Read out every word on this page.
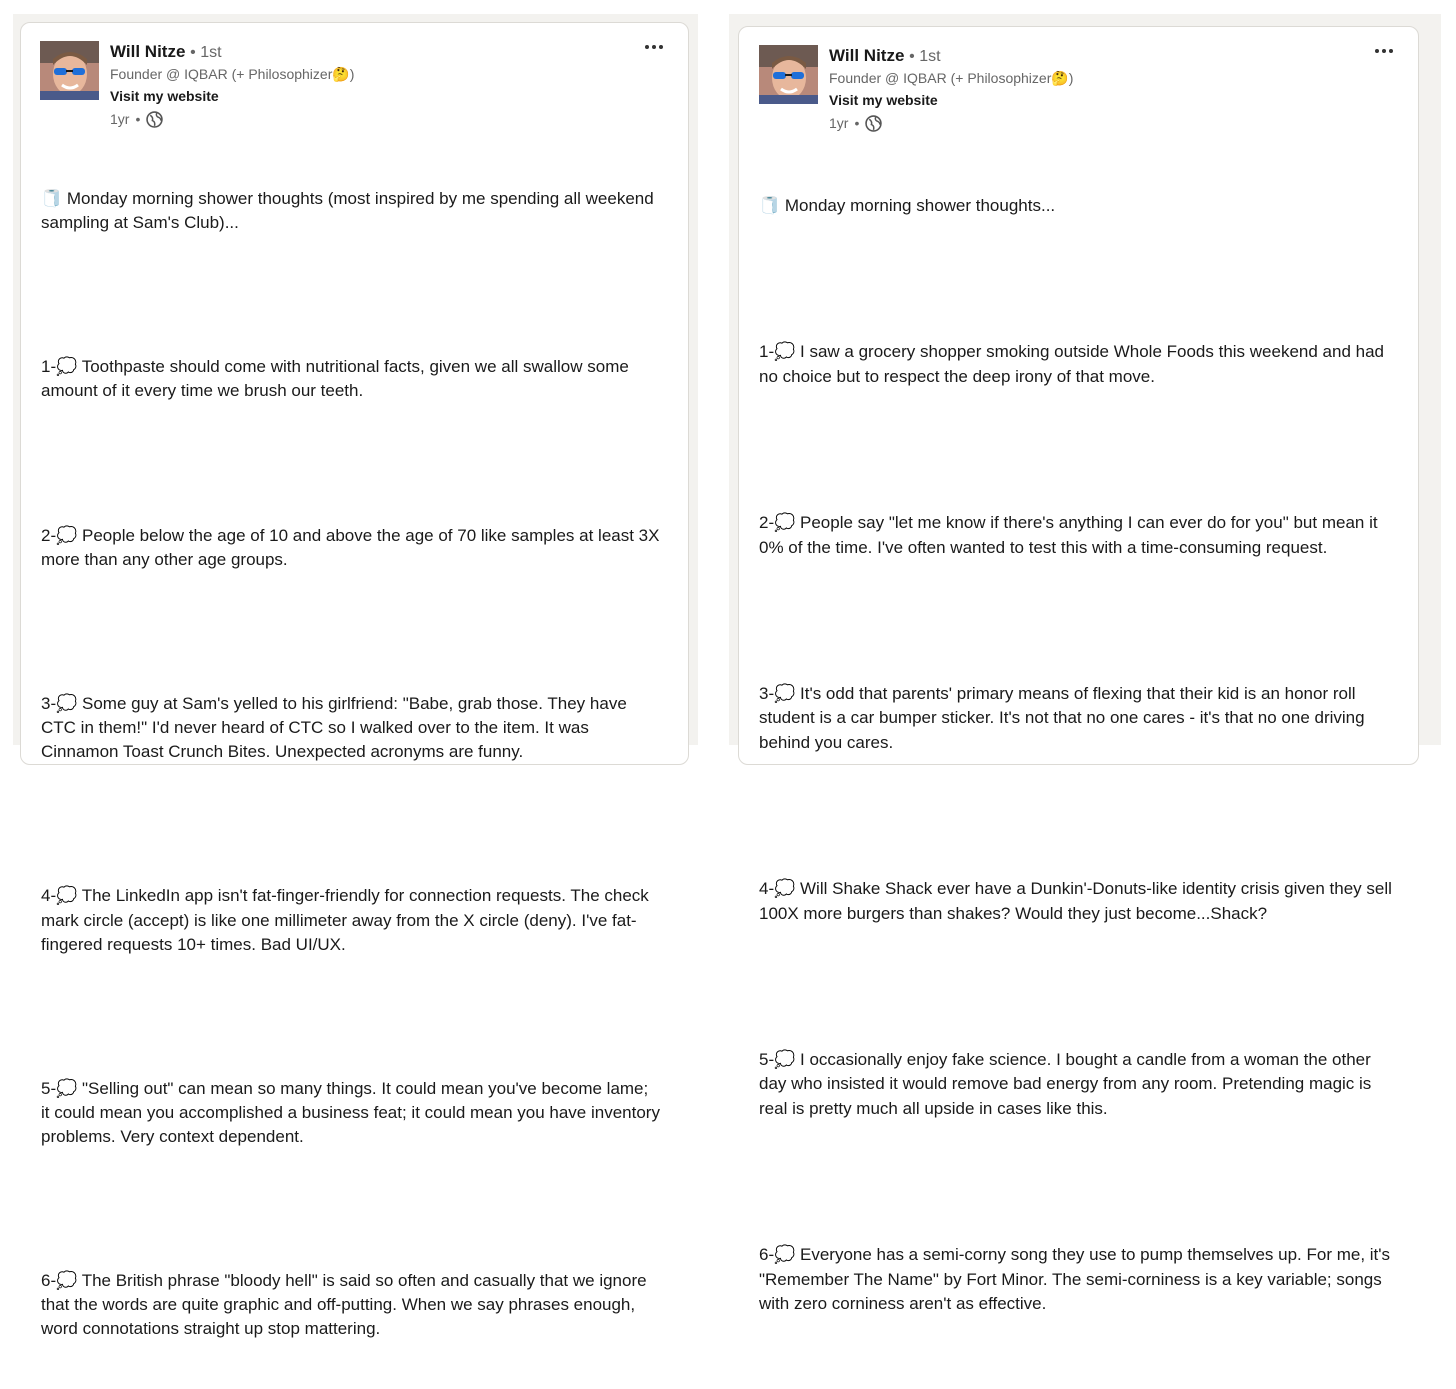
Will Nitze • 1st
Founder @ IQBAR (+ Philosophizer🤔)
Visit my website
1yr •

🧻 Monday morning shower thoughts (most inspired by me spending all weekend sampling at Sam's Club)...

1-💭 Toothpaste should come with nutritional facts, given we all swallow some amount of it every time we brush our teeth.

2-💭 People below the age of 10 and above the age of 70 like samples at least 3X more than any other age groups.

3-💭 Some guy at Sam's yelled to his girlfriend: "Babe, grab those. They have CTC in them!" I'd never heard of CTC so I walked over to the item. It was Cinnamon Toast Crunch Bites. Unexpected acronyms are funny.

4-💭 The LinkedIn app isn't fat-finger-friendly for connection requests. The check mark circle (accept) is like one millimeter away from the X circle (deny). I've fat-fingered requests 10+ times. Bad UI/UX.

5-💭 "Selling out" can mean so many things. It could mean you've become lame; it could mean you accomplished a business feat; it could mean you have inventory problems. Very context dependent.

6-💭 The British phrase "bloody hell" is said so often and casually that we ignore that the words are quite graphic and off-putting. When we say phrases enough, word connotations straight up stop mattering.

Will Nitze • 1st
Founder @ IQBAR (+ Philosophizer🤔)
Visit my website
1yr •

🧻 Monday morning shower thoughts...

1-💭 I saw a grocery shopper smoking outside Whole Foods this weekend and had no choice but to respect the deep irony of that move.

2-💭 People say "let me know if there's anything I can ever do for you" but mean it 0% of the time. I've often wanted to test this with a time-consuming request.

3-💭 It's odd that parents' primary means of flexing that their kid is an honor roll student is a car bumper sticker. It's not that no one cares - it's that no one driving behind you cares.

4-💭 Will Shake Shack ever have a Dunkin'-Donuts-like identity crisis given they sell 100X more burgers than shakes? Would they just become...Shack?

5-💭 I occasionally enjoy fake science. I bought a candle from a woman the other day who insisted it would remove bad energy from any room. Pretending magic is real is pretty much all upside in cases like this.

6-💭 Everyone has a semi-corny song they use to pump themselves up. For me, it's "Remember The Name" by Fort Minor. The semi-corniness is a key variable; songs with zero corniness aren't as effective.
